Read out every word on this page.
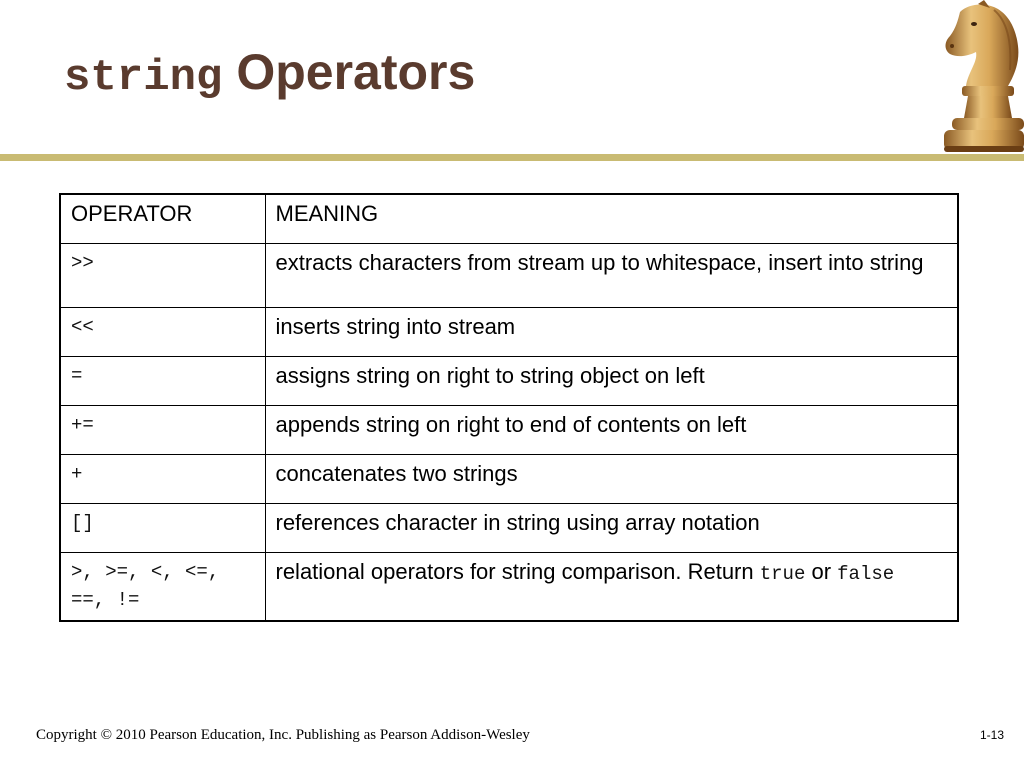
string Operators
OPERATOR	MEANING
>>	extracts characters from stream up to whitespace, insert into string
<<	inserts string into stream
=	assigns string on right to string object on left
+=	appends string on right to end of contents on left
+	concatenates two strings
[]	references character in string using array notation
>, >=, <, <=, ==, !=	relational operators for string comparison. Return true or false
Copyright © 2010 Pearson Education, Inc. Publishing as Pearson Addison-Wesley	1-13
